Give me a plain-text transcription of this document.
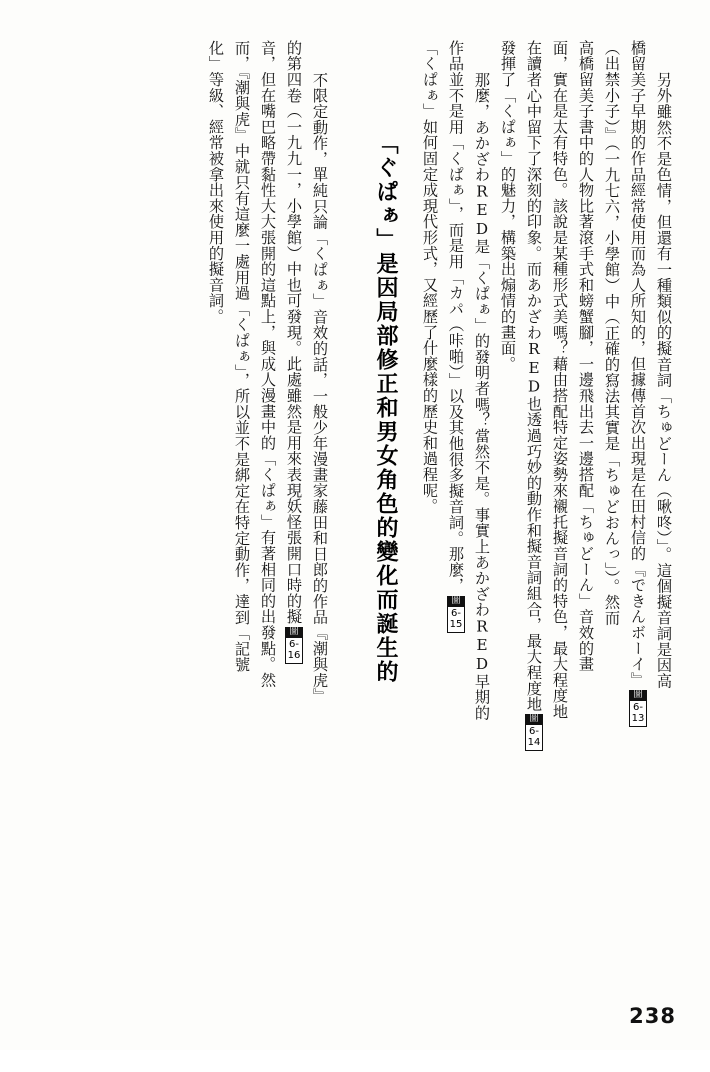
另外雖然不是色情，但還有一種類似的擬音詞「ちゅどーん（啾咚）」。這個擬音詞是因高
橋留美子早期的作品經常使用而為人所知的，但據傳首次出現是在田村信的『できんボーイ』
圖
6-13
（出禁小子）』（一九七六，小學館）中（正確的寫法其實是「ちゅどおんっ」）。然而
高橋留美子書中的人物比著滾手式和螃蟹腳，一邊飛出去一邊搭配「ちゅどーん」音效的畫
面，實在是太有特色。該說是某種形式美嗎？藉由搭配特定姿勢來襯托擬音詞的特色，最大程度地
在讀者心中留下了深刻的印象。而あかざわRED也透過巧妙的動作和擬音詞組合，最大程度地
圖
6-14
發揮了「くぱぁ」的魅力，構築出煽情的畫面。
那麼，あかざわRED是「くぱぁ」的發明者嗎？當然不是。事實上あかざわRED早期的
作品並不是用「くぱぁ」，而是用「カパ（咔啪）」以及其他很多擬音詞。那麼，
圖
6-15
「くぱぁ」如何固定成現代形式，又經歷了什麼樣的歷史和過程呢。
「ぐぱぁ」是因局部修正和男女角色的變化而誕生的
不限定動作，單純只論「くぱぁ」音效的話，一般少年漫畫家藤田和日郎的作品『潮與虎』
的第四卷（一九九一，小學館）中也可發現。此處雖然是用來表現妖怪張開口時的擬
圖
6-16
音，但在嘴巴略帶黏性大大張開的這點上，與成人漫畫中的「くぱぁ」有著相同的出發點。然
而，『潮與虎』中就只有這麼一處用過「くぱぁ」，所以並不是綁定在特定動作，達到「記號
化」等級、經常被拿出來使用的擬音詞。
238
